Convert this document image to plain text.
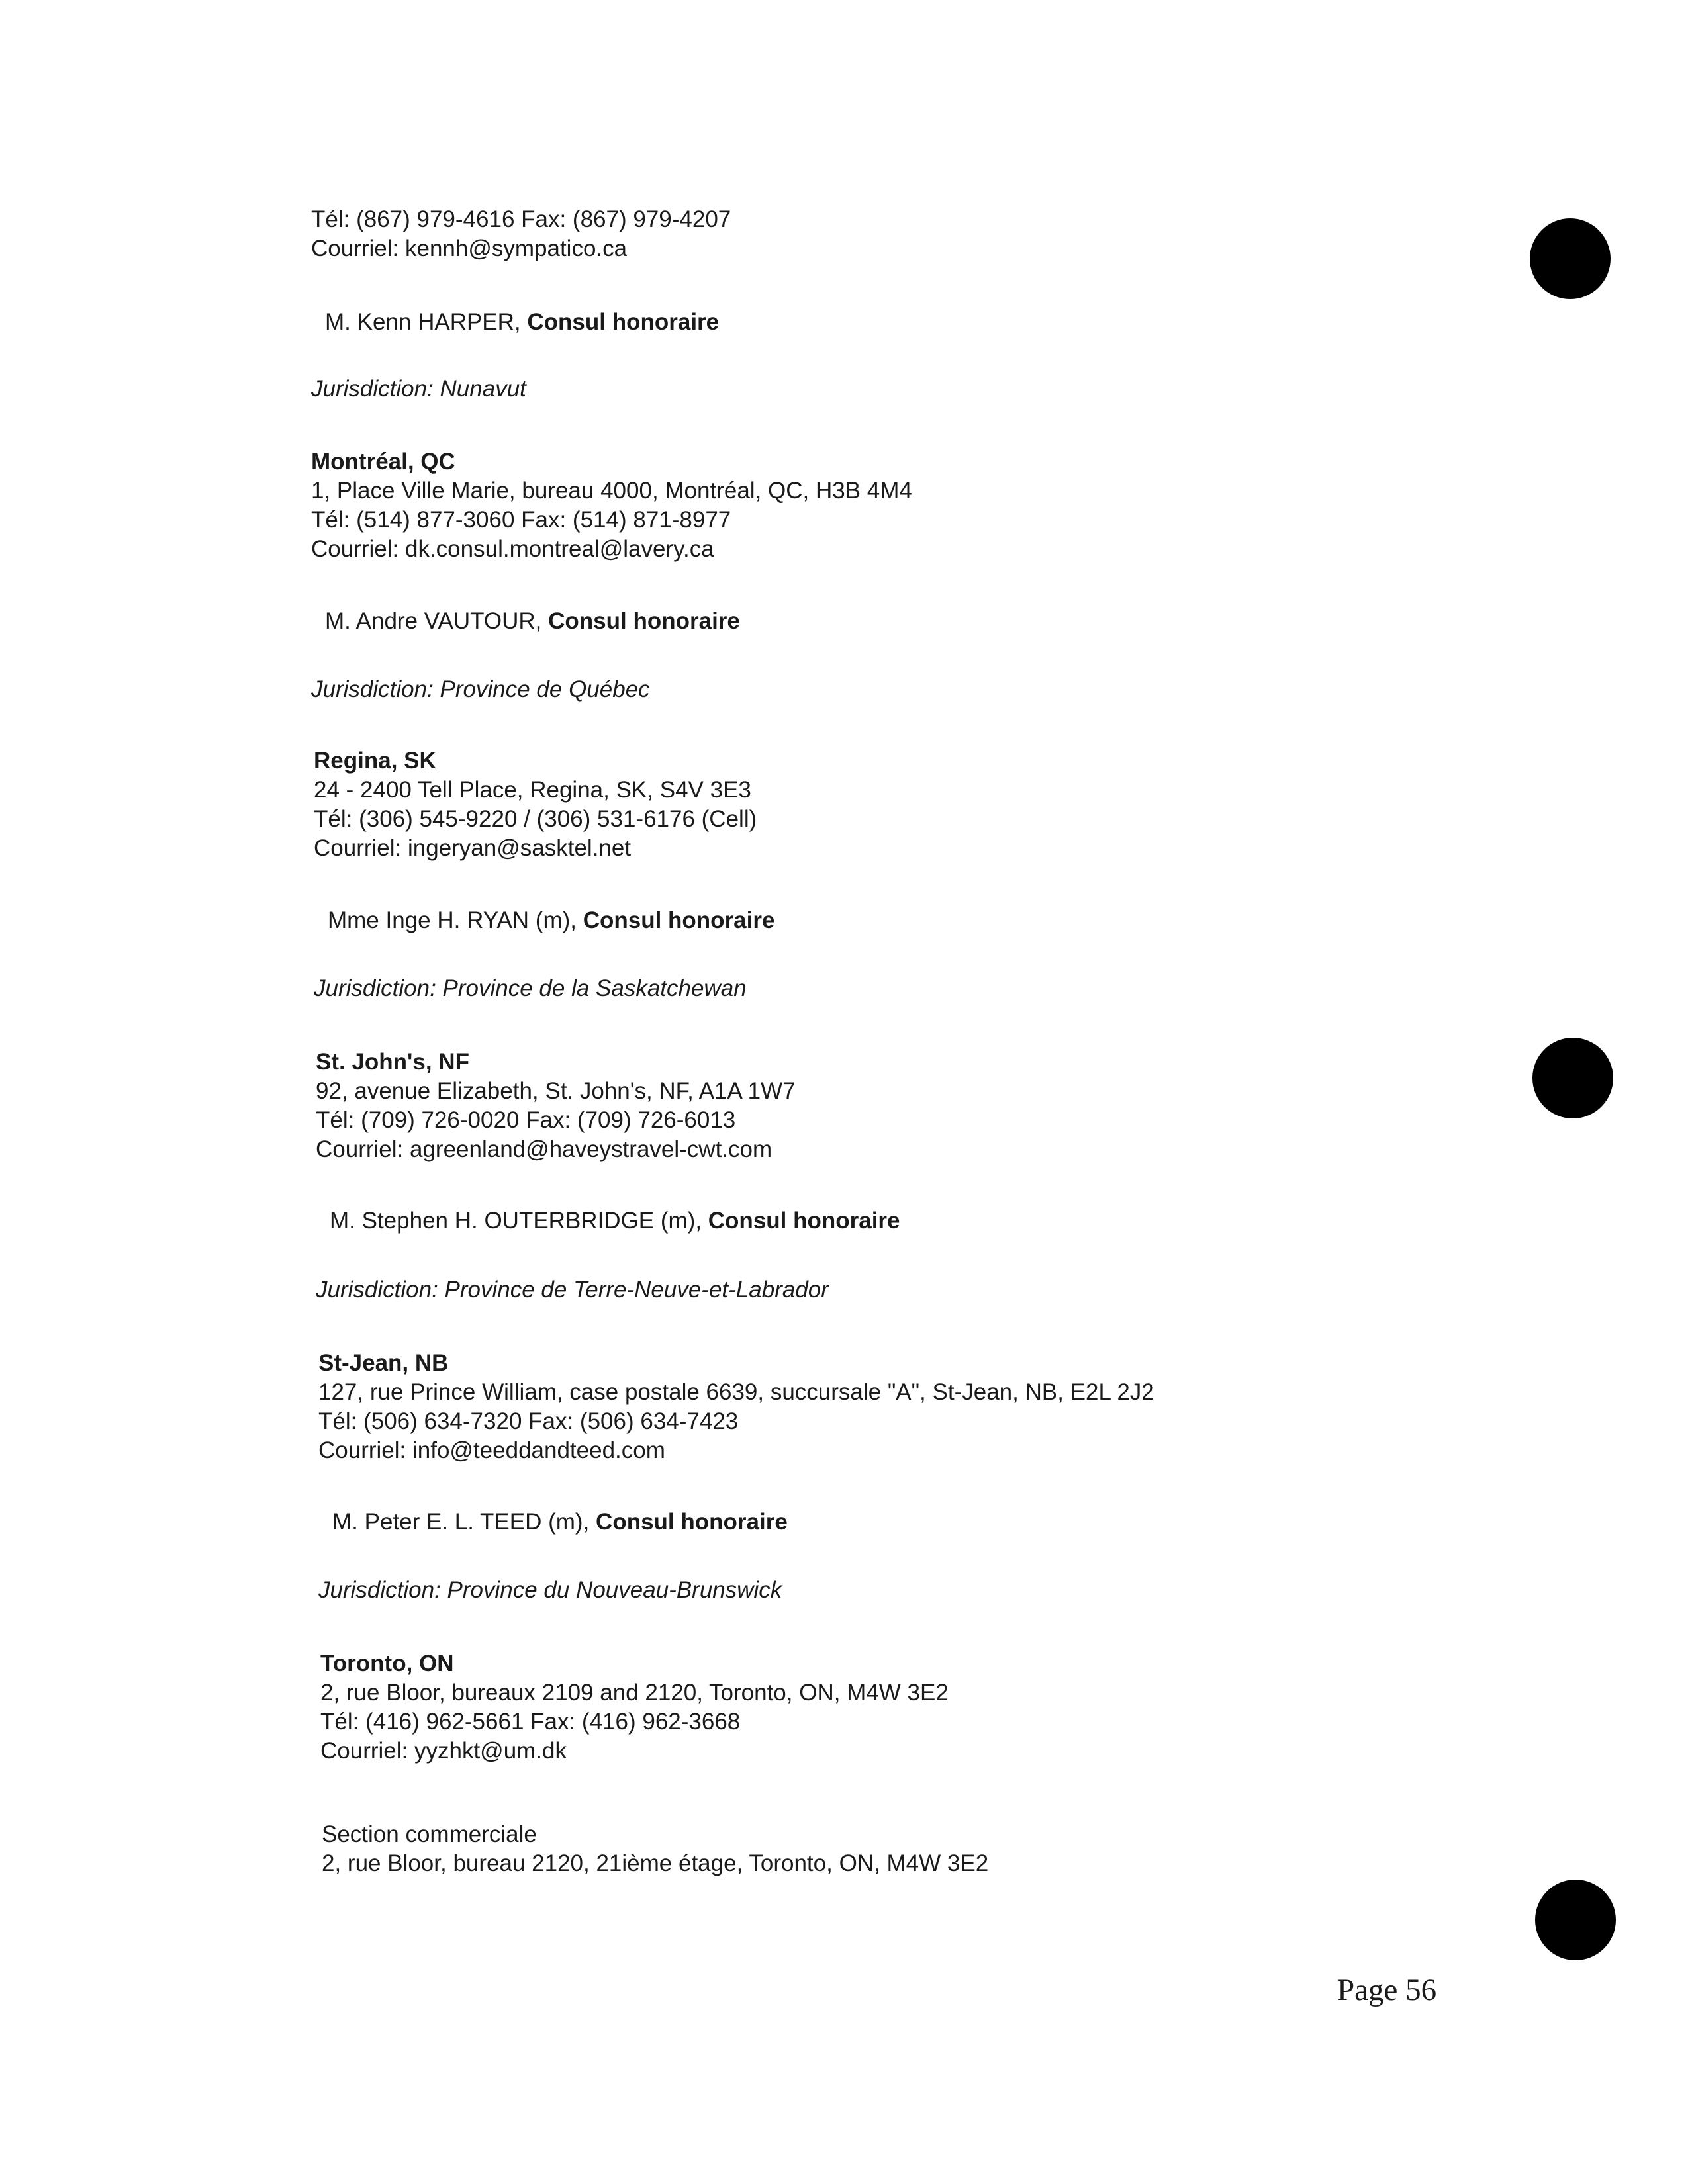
Tél: (867) 979-4616 Fax: (867) 979-4207
Courriel: kennh@sympatico.ca
M. Kenn HARPER, Consul honoraire
Jurisdiction: Nunavut
Montréal, QC
1, Place Ville Marie, bureau 4000, Montréal, QC, H3B 4M4
Tél: (514) 877-3060 Fax: (514) 871-8977
Courriel: dk.consul.montreal@lavery.ca
M. Andre VAUTOUR, Consul honoraire
Jurisdiction: Province de Québec
Regina, SK
24 - 2400 Tell Place, Regina, SK, S4V 3E3
Tél: (306) 545-9220 / (306) 531-6176 (Cell)
Courriel: ingeryan@sasktel.net
Mme Inge H. RYAN (m), Consul honoraire
Jurisdiction: Province de la Saskatchewan
St. John's, NF
92, avenue Elizabeth, St. John's, NF, A1A 1W7
Tél: (709) 726-0020 Fax: (709) 726-6013
Courriel: agreenland@haveystravel-cwt.com
M. Stephen H. OUTERBRIDGE (m), Consul honoraire
Jurisdiction: Province de Terre-Neuve-et-Labrador
St-Jean, NB
127, rue Prince William, case postale 6639, succursale "A", St-Jean, NB, E2L 2J2
Tél: (506) 634-7320 Fax: (506) 634-7423
Courriel: info@teeddandteed.com
M. Peter E. L. TEED (m), Consul honoraire
Jurisdiction: Province du Nouveau-Brunswick
Toronto, ON
2, rue Bloor, bureaux 2109 and 2120, Toronto, ON, M4W 3E2
Tél: (416) 962-5661 Fax: (416) 962-3668
Courriel: yyzhkt@um.dk
Section commerciale
2, rue Bloor, bureau 2120, 21ième étage, Toronto, ON, M4W 3E2
Page 56
